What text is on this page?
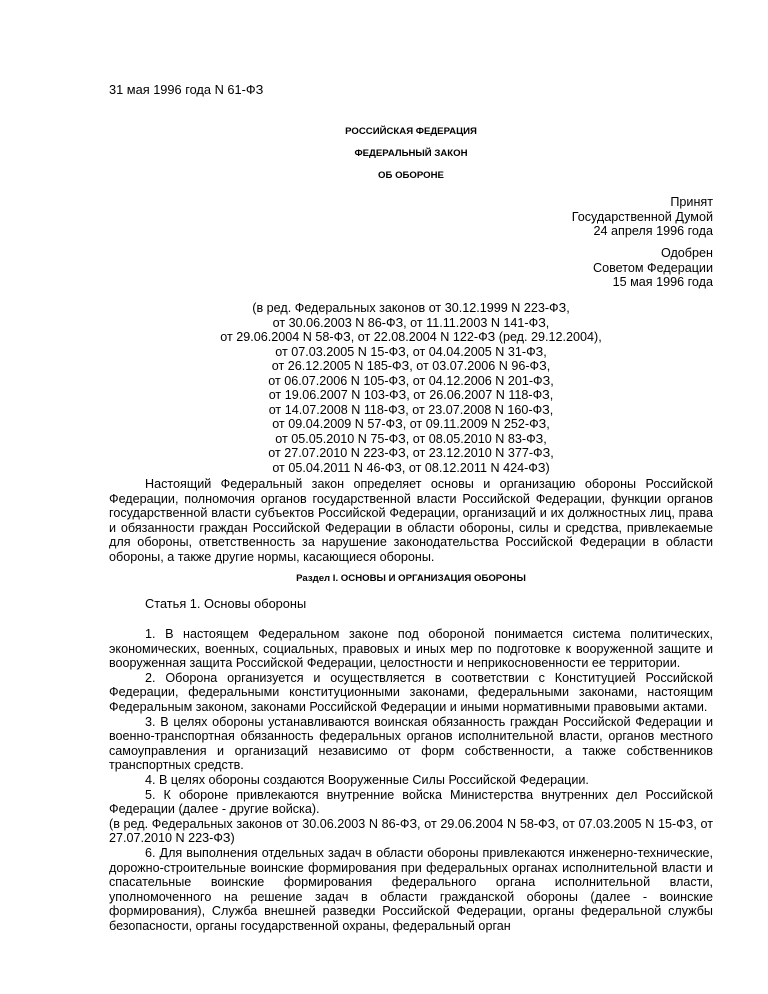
31 мая 1996 года N 61-ФЗ
РОССИЙСКАЯ ФЕДЕРАЦИЯ
ФЕДЕРАЛЬНЫЙ ЗАКОН
ОБ ОБОРОНЕ
Принят
Государственной Думой
24 апреля 1996 года
Одобрен
Советом Федерации
15 мая 1996 года
(в ред. Федеральных законов от 30.12.1999 N 223-ФЗ,
от 30.06.2003 N 86-ФЗ, от 11.11.2003 N 141-ФЗ,
от 29.06.2004 N 58-ФЗ, от 22.08.2004 N 122-ФЗ (ред. 29.12.2004),
от 07.03.2005 N 15-ФЗ, от 04.04.2005 N 31-ФЗ,
от 26.12.2005 N 185-ФЗ, от 03.07.2006 N 96-ФЗ,
от 06.07.2006 N 105-ФЗ, от 04.12.2006 N 201-ФЗ,
от 19.06.2007 N 103-ФЗ, от 26.06.2007 N 118-ФЗ,
от 14.07.2008 N 118-ФЗ, от 23.07.2008 N 160-ФЗ,
от 09.04.2009 N 57-ФЗ, от 09.11.2009 N 252-ФЗ,
от 05.05.2010 N 75-ФЗ, от 08.05.2010 N 83-ФЗ,
от 27.07.2010 N 223-ФЗ, от 23.12.2010 N 377-ФЗ,
от 05.04.2011 N 46-ФЗ, от 08.12.2011 N 424-ФЗ)

Настоящий Федеральный закон определяет основы и организацию обороны Российской Федерации, полномочия органов государственной власти Российской Федерации, функции органов государственной власти субъектов Российской Федерации, организаций и их должностных лиц, права и обязанности граждан Российской Федерации в области обороны, силы и средства, привлекаемые для обороны, ответственность за нарушение законодательства Российской Федерации в области обороны, а также другие нормы, касающиеся обороны.

Раздел I. ОСНОВЫ И ОРГАНИЗАЦИЯ ОБОРОНЫ
Статья 1. Основы обороны

1. В настоящем Федеральном законе под обороной понимается система политических, экономических, военных, социальных, правовых и иных мер по подготовке к вооруженной защите и вооруженная защита Российской Федерации, целостности и неприкосновенности ее территории.

2. Оборона организуется и осуществляется в соответствии с Конституцией Российской Федерации, федеральными конституционными законами, федеральными законами, настоящим Федеральным законом, законами Российской Федерации и иными нормативными правовыми актами.

3. В целях обороны устанавливаются воинская обязанность граждан Российской Федерации и военно-транспортная обязанность федеральных органов исполнительной власти, органов местного самоуправления и организаций независимо от форм собственности, а также собственников транспортных средств.

4. В целях обороны создаются Вооруженные Силы Российской Федерации.

5. К обороне привлекаются внутренние войска Министерства внутренних дел Российской Федерации (далее - другие войска).

(в ред. Федеральных законов от 30.06.2003 N 86-ФЗ, от 29.06.2004 N 58-ФЗ, от 07.03.2005 N 15-ФЗ, от 27.07.2010 N 223-ФЗ)

6. Для выполнения отдельных задач в области обороны привлекаются инженерно-технические, дорожно-строительные воинские формирования при федеральных органах исполнительной власти и спасательные воинские формирования федерального органа исполнительной власти, уполномоченного на решение задач в области гражданской обороны (далее - воинские формирования), Служба внешней разведки Российской Федерации, органы федеральной службы безопасности, органы государственной охраны, федеральный орган
